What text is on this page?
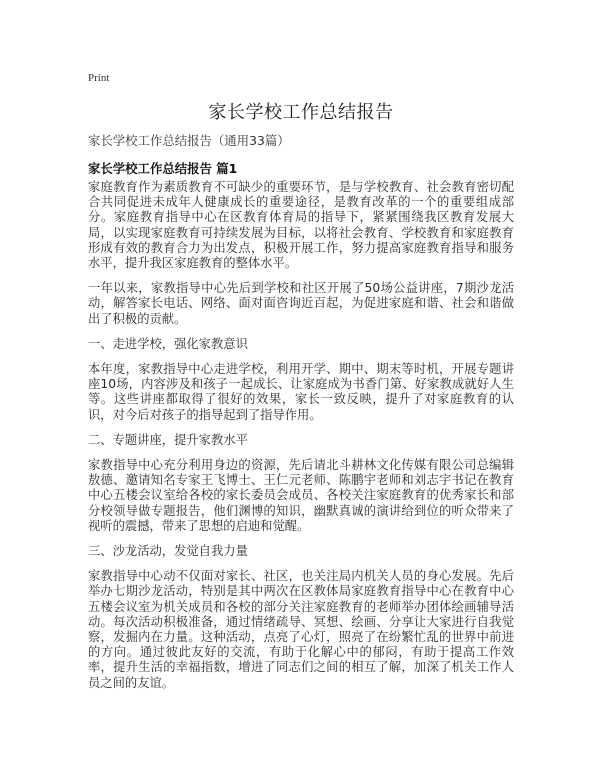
Print
家长学校工作总结报告
家长学校工作总结报告（通用33篇）
家长学校工作总结报告 篇1

家庭教育作为素质教育不可缺少的重要环节，是与学校教育、社会教育密切配合共同促进未成年人健康成长的重要途径，是教育改革的一个的重要组成部分。家庭教育指导中心在区教育体育局的指导下，紧紧围绕我区教育发展大局，以实现家庭教育可持续发展为目标，以将社会教育、学校教育和家庭教育形成有效的教育合力为出发点，积极开展工作，努力提高家庭教育指导和服务水平，提升我区家庭教育的整体水平。

一年以来，家教指导中心先后到学校和社区开展了50场公益讲座，7期沙龙活动，解答家长电话、网络、面对面咨询近百起，为促进家庭和谐、社会和谐做出了积极的贡献。

一、走进学校，强化家教意识

本年度，家教指导中心走进学校，利用开学、期中、期末等时机，开展专题讲座10场，内容涉及和孩子一起成长、让家庭成为书香门第、好家教成就好人生等。这些讲座都取得了很好的效果，家长一致反映，提升了对家庭教育的认识，对今后对孩子的指导起到了指导作用。

二、专题讲座，提升家教水平

家教指导中心充分利用身边的资源，先后请北斗耕林文化传媒有限公司总编辑敖德、邀请知名专家王飞博士、王仁元老师、陈鹏宇老师和刘志宇书记在教育中心五楼会议室给各校的家长委员会成员、各校关注家庭教育的优秀家长和部分校领导做专题报告，他们渊博的知识，幽默真诚的演讲给到位的听众带来了视听的震撼，带来了思想的启迪和觉醒。

三、沙龙活动，发觉自我力量

家教指导中心动不仅面对家长、社区，也关注局内机关人员的身心发展。先后举办七期沙龙活动，特别是其中两次在区教体局家庭教育指导中心在教育中心五楼会议室为机关成员和各校的部分关注家庭教育的老师举办团体绘画辅导活动。每次活动积极准备，通过情绪疏导、冥想、绘画、分享让大家进行自我觉察，发掘内在力量。这种活动，点亮了心灯，照亮了在纷繁忙乱的世界中前进的方向。通过彼此友好的交流，有助于化解心中的郁闷，有助于提高工作效率，提升生活的幸福指数，增进了同志们之间的相互了解，加深了机关工作人员之间的友谊。
